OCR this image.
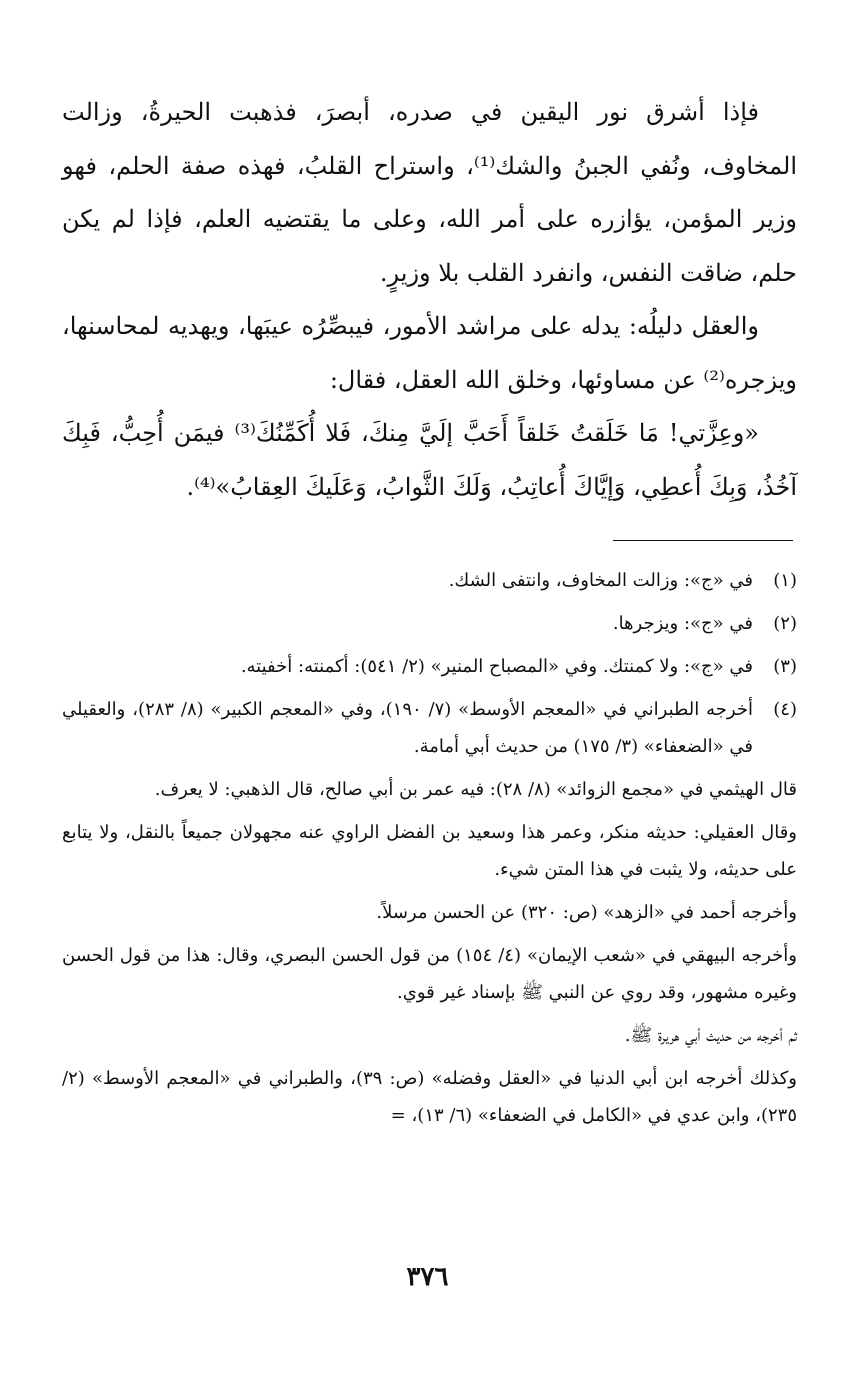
فإذا أشرق نور اليقين في صدره، أبصرَ، فذهبت الحيرةُ، وزالت المخاوف، ونُفي الجبنُ والشك⁽¹⁾، واستراح القلبُ، فهذه صفة الحلم، فهو وزير المؤمن، يؤازره على أمر الله، وعلى ما يقتضيه العلم، فإذا لم يكن حلم، ضاقت النفس، وانفرد القلب بلا وزيرٍ.

والعقل دليلُه: يدله على مراشد الأمور، فيبصِّرُه عيبَها، ويهديه لمحاسنها، ويزجره⁽²⁾ عن مساوئها، وخلق الله العقل، فقال:

«وعِزَّتي! مَا خَلَقتُ خَلقاً أَحَبَّ إلَيَّ مِنكَ، فَلا أُكَمِّنُكَ⁽³⁾ فيمَن أُحِبُّ، فَبِكَ آخُذُ، وَبِكَ أُعطِي، وَإيَّاكَ أُعاتِبُ، وَلَكَ الثَّوابُ، وَعَلَيكَ العِقابُ»⁽⁴⁾.

(١)
في «ج»: وزالت المخاوف، وانتفى الشك.
(٢)
في «ج»: ويزجرها.
(٣)
في «ج»: ولا كمنتك. وفي «المصباح المنير» (٢/ ٥٤١): أكمنته: أخفيته.
(٤)
أخرجه الطبراني في «المعجم الأوسط» (٧/ ١٩٠)، وفي «المعجم الكبير» (٨/ ٢٨٣)، والعقيلي في «الضعفاء» (٣/ ١٧٥) من حديث أبي أمامة.

قال الهيثمي في «مجمع الزوائد» (٨/ ٢٨): فيه عمر بن أبي صالح، قال الذهبي: لا يعرف.

وقال العقيلي: حديثه منكر، وعمر هذا وسعيد بن الفضل الراوي عنه مجهولان جميعاً بالنقل، ولا يتابع على حديثه، ولا يثبت في هذا المتن شيء.

وأخرجه أحمد في «الزهد» (ص: ٣٢٠) عن الحسن مرسلاً.

وأخرجه البيهقي في «شعب الإيمان» (٤/ ١٥٤) من قول الحسن البصري، وقال: هذا من قول الحسن وغيره مشهور، وقد روي عن النبي ﷺ بإسناد غير قوي.

ثم أخرجه من حديث أبي هريرة ﷺ.

وكذلك أخرجه ابن أبي الدنيا في «العقل وفضله» (ص: ٣٩)، والطبراني في «المعجم الأوسط» (٢/ ٢٣٥)، وابن عدي في «الكامل في الضعفاء» (٦/ ١٣)، =

٣٧٦
